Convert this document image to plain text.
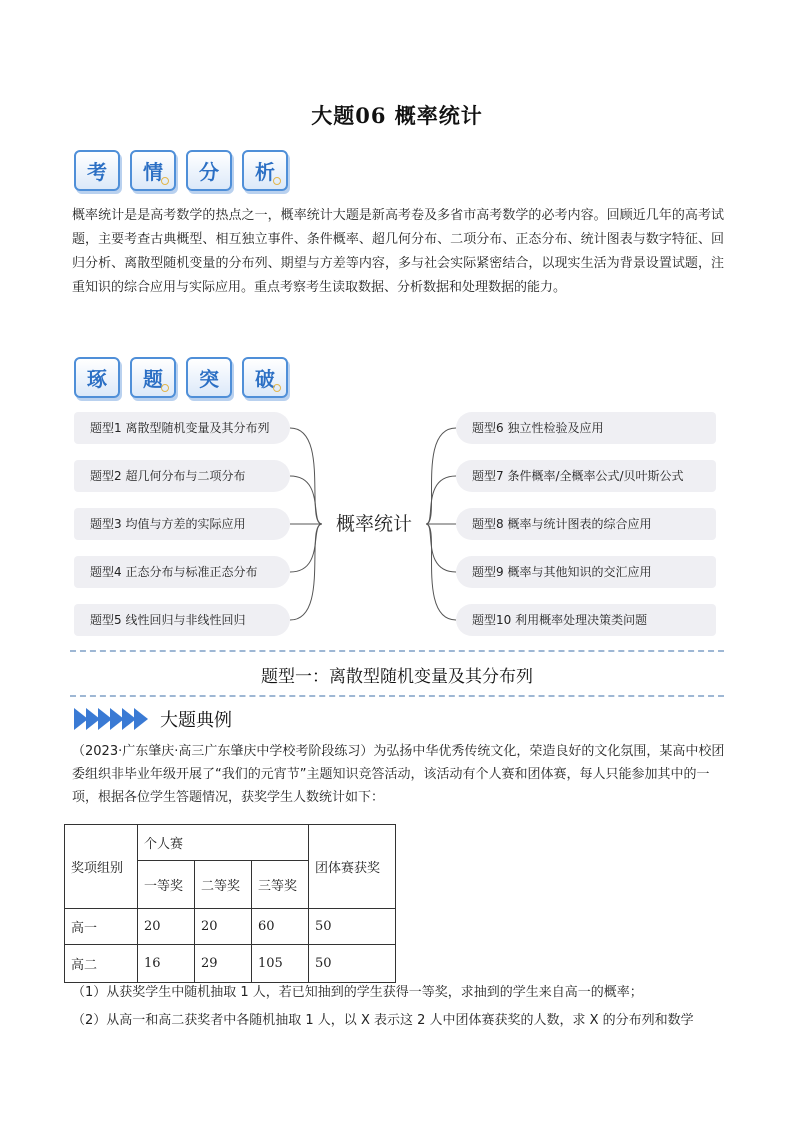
大题06 概率统计
考 情 分 析
概率统计是是高考数学的热点之一，概率统计大题是新高考卷及多省市高考数学的必考内容。回顾近几年的高考试题，主要考查古典概型、相互独立事件、条件概率、超几何分布、二项分布、正态分布、统计图表与数字特征、回归分析、离散型随机变量的分布列、期望与方差等内容，多与社会实际紧密结合，以现实生活为背景设置试题，注重知识的综合应用与实际应用。重点考察考生读取数据、分析数据和处理数据的能力。
琢 题 突 破
题型1 离散型随机变量及其分布列
题型2 超几何分布与二项分布
题型3 均值与方差的实际应用
题型4 正态分布与标准正态分布
题型5 线性回归与非线性回归
概率统计
题型6 独立性检验及应用
题型7 条件概率/全概率公式/贝叶斯公式
题型8 概率与统计图表的综合应用
题型9 概率与其他知识的交汇应用
题型10 利用概率处理决策类问题
题型一：离散型随机变量及其分布列
大题典例
（2023·广东肇庆·高三广东肇庆中学校考阶段练习）为弘扬中华优秀传统文化，荣造良好的文化氛围，某高中校团委组织非毕业年级开展了“我们的元宵节”主题知识竞答活动，该活动有个人赛和团体赛，每人只能参加其中的一项，根据各位学生答题情况，获奖学生人数统计如下：
奖项组别	个人赛			团体赛获奖
	一等奖	二等奖	三等奖	
高一	20	20	60	50
高二	16	29	105	50
（1）从获奖学生中随机抽取 1 人，若已知抽到的学生获得一等奖，求抽到的学生来自高一的概率；
（2）从高一和高二获奖者中各随机抽取 1 人，以 X 表示这 2 人中团体赛获奖的人数，求 X 的分布列和数学
